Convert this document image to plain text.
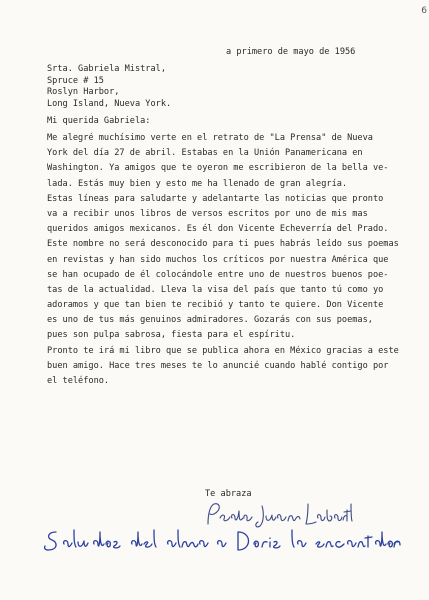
6
a primero de mayo de 1956
Srta. Gabriela Mistral,
Spruce # 15
Roslyn Harbor,
Long Island, Nueva York.
Mi querida Gabriela:
Me alegré muchísimo verte en el retrato de "La Prensa" de Nueva
York del día 27 de abril. Estabas en la Unión Panamericana en
Washington. Ya amigos que te oyeron me escribieron de la bella ve-
lada. Estás muy bien y esto me ha llenado de gran alegría.
Estas líneas para saludarte y adelantarte las noticias que pronto
va a recibir unos libros de versos escritos por uno de mis mas
queridos amigos mexicanos. Es él don Vicente Echeverría del Prado.
Este nombre no será desconocido para ti pues habrás leído sus poemas
en revistas y han sido muchos los críticos por nuestra América que
se han ocupado de él colocándole entre uno de nuestros buenos poe-
tas de la actualidad. Lleva la visa del país que tanto tú como yo
adoramos y que tan bien te recibió y tanto te quiere. Don Vicente
es uno de tus más genuinos admiradores. Gozarás con sus poemas,
pues son pulpa sabrosa, fiesta para el espíritu.
Pronto te irá mi libro que se publica ahora en México gracias a este
buen amigo. Hace tres meses te lo anuncié cuando hablé contigo por
el teléfono.
Te abraza
